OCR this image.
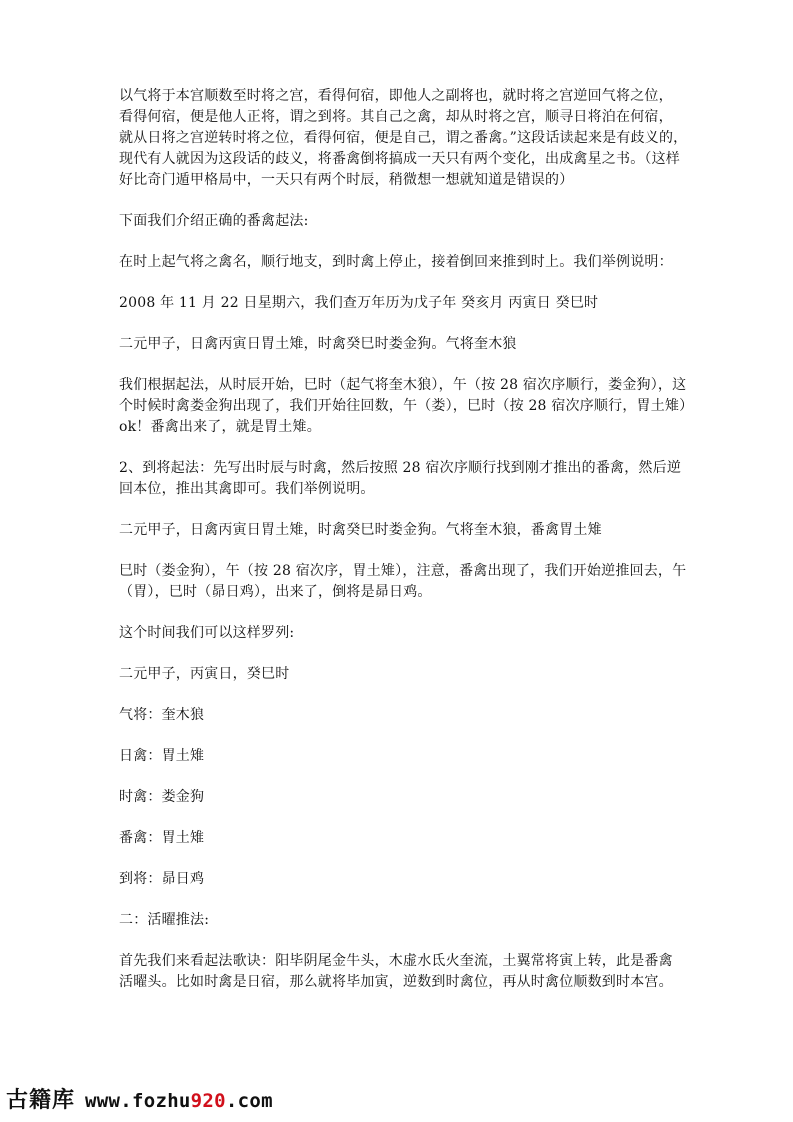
以气将于本宫顺数至时将之宫，看得何宿，即他人之副将也，就时将之宫逆回气将之位，
看得何宿，便是他人正将，谓之到将。其自己之禽，却从时将之宫，顺寻日将泊在何宿，
就从日将之宫逆转时将之位，看得何宿，便是自己，谓之番禽。”这段话读起来是有歧义的，
现代有人就因为这段话的歧义，将番禽倒将搞成一天只有两个变化，出成禽星之书。（这样
好比奇门遁甲格局中，一天只有两个时辰，稍微想一想就知道是错误的）
下面我们介绍正确的番禽起法:
在时上起气将之禽名，顺行地支，到时禽上停止，接着倒回来推到时上。我们举例说明：
2008 年 11 月 22 日星期六，我们查万年历为戊子年 癸亥月 丙寅日 癸巳时
二元甲子，日禽丙寅日胃土雉，时禽癸巳时娄金狗。气将奎木狼
我们根据起法，从时辰开始，巳时（起气将奎木狼），午（按 28 宿次序顺行，娄金狗），这
个时候时禽娄金狗出现了，我们开始往回数，午（娄），巳时（按 28 宿次序顺行，胃土雉）
ok！番禽出来了，就是胃土雉。
2、到将起法：先写出时辰与时禽，然后按照 28 宿次序顺行找到刚才推出的番禽，然后逆
回本位，推出其禽即可。我们举例说明。
二元甲子，日禽丙寅日胃土雉，时禽癸巳时娄金狗。气将奎木狼，番禽胃土雉
巳时（娄金狗），午（按 28 宿次序，胃土雉），注意，番禽出现了，我们开始逆推回去，午
（胃），巳时（昴日鸡），出来了，倒将是昴日鸡。
这个时间我们可以这样罗列:
二元甲子，丙寅日，癸巳时
气将：奎木狼
日禽：胃土雉
时禽：娄金狗
番禽：胃土雉
到将：昴日鸡
二：活曜推法:
首先我们来看起法歌诀：阳毕阴尾金牛头，木虚水氐火奎流，土翼常将寅上转，此是番禽
活曜头。比如时禽是日宿，那么就将毕加寅，逆数到时禽位，再从时禽位顺数到时本宫。
古籍库 www.fozhu920.com
